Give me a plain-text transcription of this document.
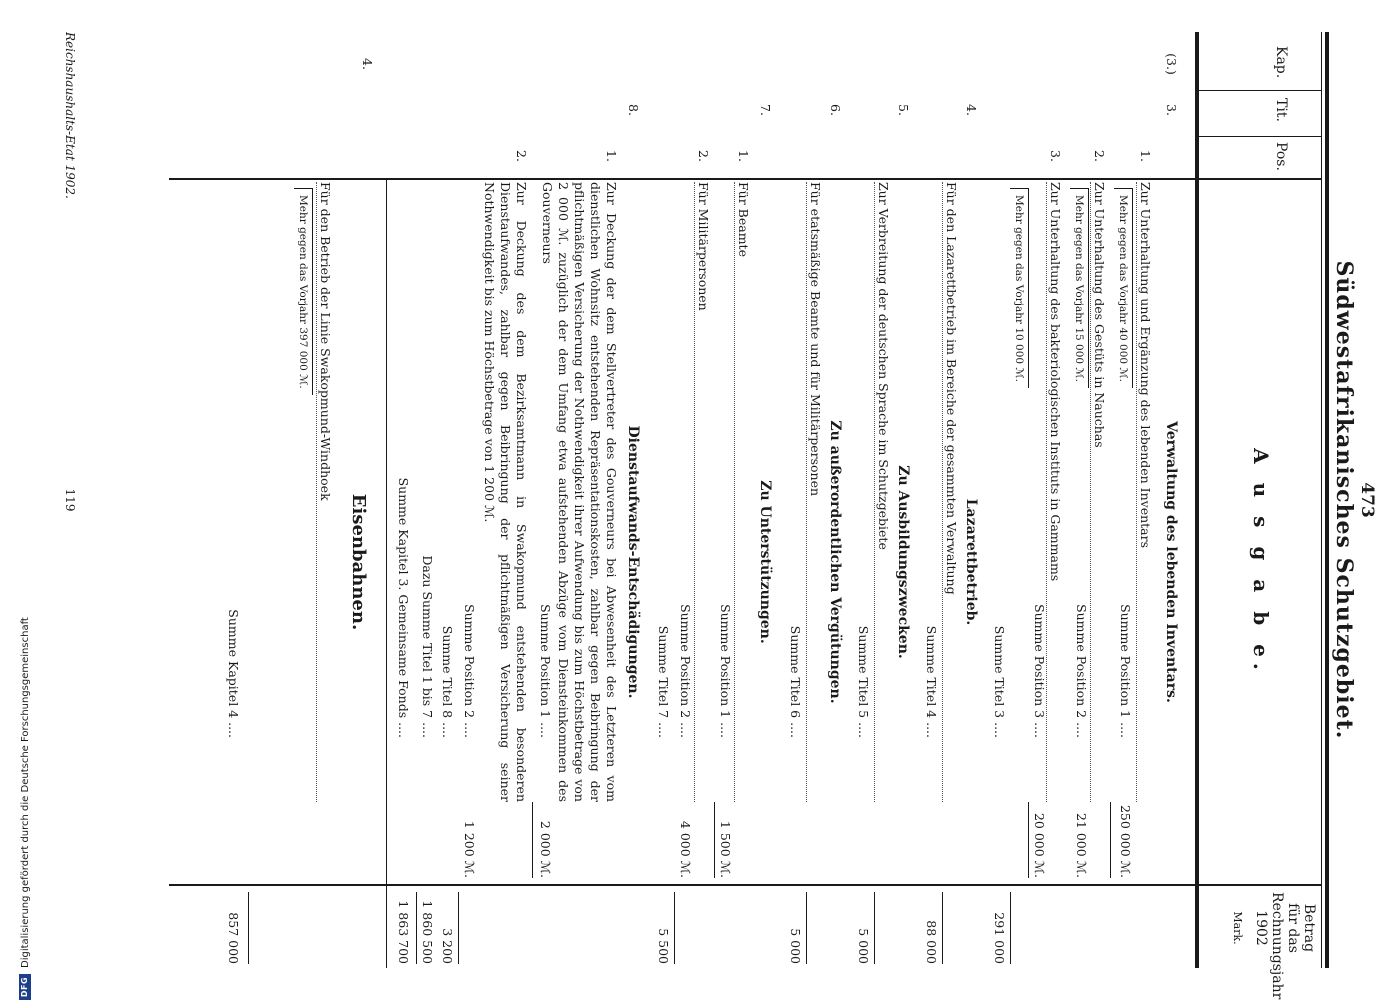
DFG
Digitalisierung gefördert durch die Deutsche Forschungsgemeinschaft
473
Südwestafrikanisches Schutzgebiet.
Kap.
Tit.
Pos.
Betrag
für das
Rechnungsjahr
1902
Mark.
A u s g a b e.
(3.)
3.
Verwaltung des lebenden Inventars.
1.
Zur Unterhaltung und Ergänzung des lebenden Inventars
Mehr gegen das Vorjahr 40 000 ℳ.
Summe Position 1 ....
250 000 ℳ.
2.
Zur Unterhaltung des Gestüts in Nauchas
Mehr gegen das Vorjahr 15 000 ℳ.
Summe Position 2 ....
21 000 ℳ.
3.
Zur Unterhaltung des bakteriologischen Instituts in Gammams
Summe Position 3 ....
20 000 ℳ.
Mehr gegen das Vorjahr 10 000 ℳ.
Summe Titel 3 ....
291 000
4.
Lazarettbetrieb.
Für den Lazarettbetrieb im Bereiche der gesammten Verwaltung
Summe Titel 4 ....
88 000
5.
Zu Ausbildungszwecken.
Zur Verbreitung der deutschen Sprache im Schutzgebiete
Summe Titel 5 ....
5 000
6.
Zu außerordentlichen Vergütungen.
Für etatsmäßige Beamte und für Militärpersonen
Summe Titel 6 ....
5 000
7.
Zu Unterstützungen.
1.
Für Beamte
Summe Position 1 ....
1 500 ℳ.
2.
Für Militärpersonen
Summe Position 2 ....
4 000 ℳ.
Summe Titel 7 ....
5 500
8.
Dienstaufwands-Entschädigungen.
1.
Zur Deckung der dem Stellvertreter des Gouverneurs bei Abwesenheit des Letzteren vom dienstlichen Wohnsitz entstehenden Repräsentationskosten, zahlbar gegen Beibringung der pflichtmäßigen Versicherung der Nothwendigkeit ihrer Aufwendung bis zum Höchstbetrage von 2 000 ℳ. zuzüglich der dem Umfang etwa aufstehenden Abzüge vom Diensteinkommen des Gouverneurs
Summe Position 1 ....
2 000 ℳ.
2.
Zur Deckung des dem Bezirksamtmann in Swakopmund entstehenden besonderen Dienstaufwandes, zahlbar gegen Beibringung der pflichtmäßigen Versicherung seiner Nothwendigkeit bis zum Höchstbetrage von 1 200 ℳ.
Summe Position 2 ....
1 200 ℳ.
Summe Titel 8 ....
3 200
Dazu Summe Titel 1 bis 7 ....
1 860 500
Summe Kapitel 3. Gemeinsame Fonds ....
1 863 700
4.
Eisenbahnen.
Für den Betrieb der Linie Swakopmund-Windhoek
Mehr gegen das Vorjahr 397 000 ℳ.
Summe Kapitel 4 ....
857 000
119
Reichshaushalts-Etat 1902.
